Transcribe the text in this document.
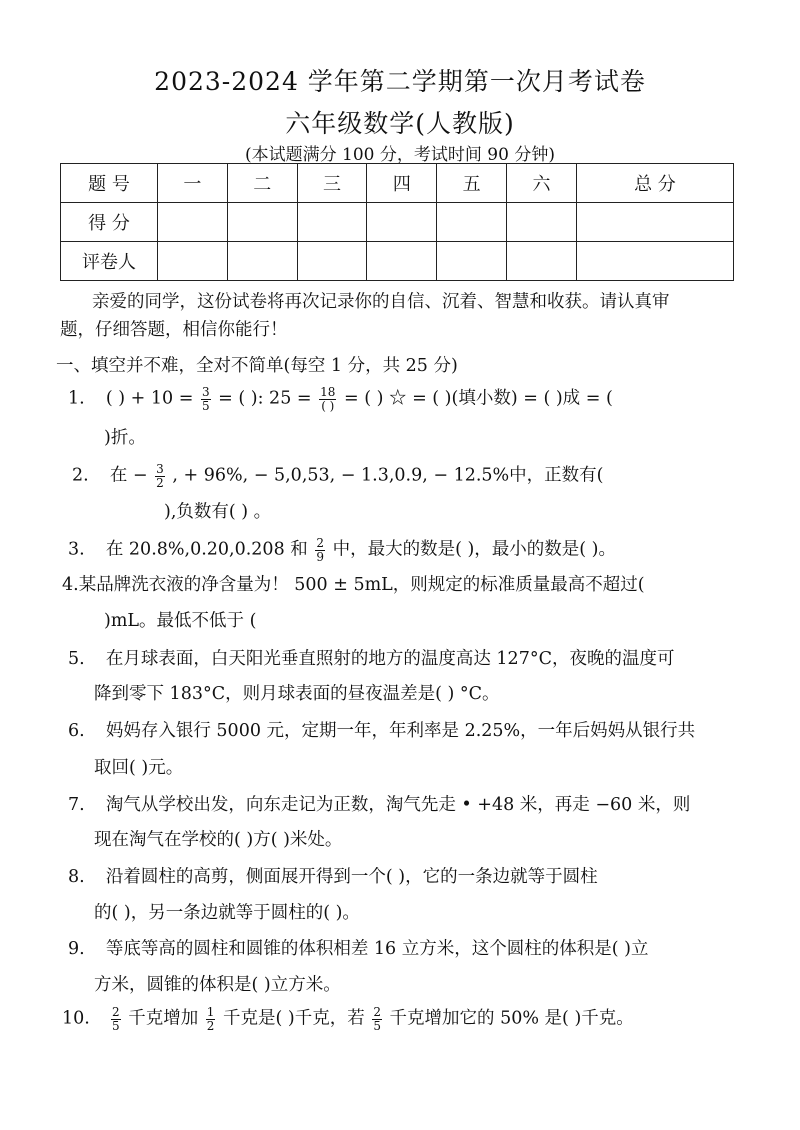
2023-2024 学年第二学期第一次月考试卷
六年级数学(人教版)
(本试题满分 100 分，考试时间 90 分钟)
题 号	一	二	三	四	五	六	总 分
得 分							
评卷人							
亲爱的同学，这份试卷将再次记录你的自信、沉着、智慧和收获。请认真审
题，仔细答题，相信你能行！
一、填空并不难，全对不简单(每空 1 分，共 25 分)
1. ( ) + $10 = \frac{3}{5}$ = ( ): $25 = \frac{18}{( )}$ = ( ) ☆ = ( )(填小数) = ( )成 = (
)折。
2. 在 − $\frac{3}{2}$ , + 96%, − 5,0,53, − 1.3,0.9, − 12.5%中，正数有(
),负数有( ) 。
3. 在 20.8%,0.20,0.208 和 $\frac{2}{9}$ 中，最大的数是( )，最小的数是( )。
4.某品牌洗衣液的净含量为！ 500 ± 5mL，则规定的标准质量最高不超过(
)mL。最低不低于 (
5. 在月球表面，白天阳光垂直照射的地方的温度高达 127°C，夜晚的温度可
降到零下 183°C，则月球表面的昼夜温差是( ) °C。
6. 妈妈存入银行 5000 元，定期一年，年利率是 2.25%，一年后妈妈从银行共
取回( )元。
7. 淘气从学校出发，向东走记为正数，淘气先走 • +48 米，再走 −60 米，则
现在淘气在学校的( )方( )米处。
8. 沿着圆柱的高剪，侧面展开得到一个( )，它的一条边就等于圆柱
的( )，另一条边就等于圆柱的( )。
9. 等底等高的圆柱和圆锥的体积相差 16 立方米，这个圆柱的体积是( )立
方米，圆锥的体积是( )立方米。
10. $\frac{2}{5}$ 千克增加 $\frac{1}{2}$ 千克是( )千克，若 $\frac{2}{5}$ 千克增加它的 50% 是( )千克。
